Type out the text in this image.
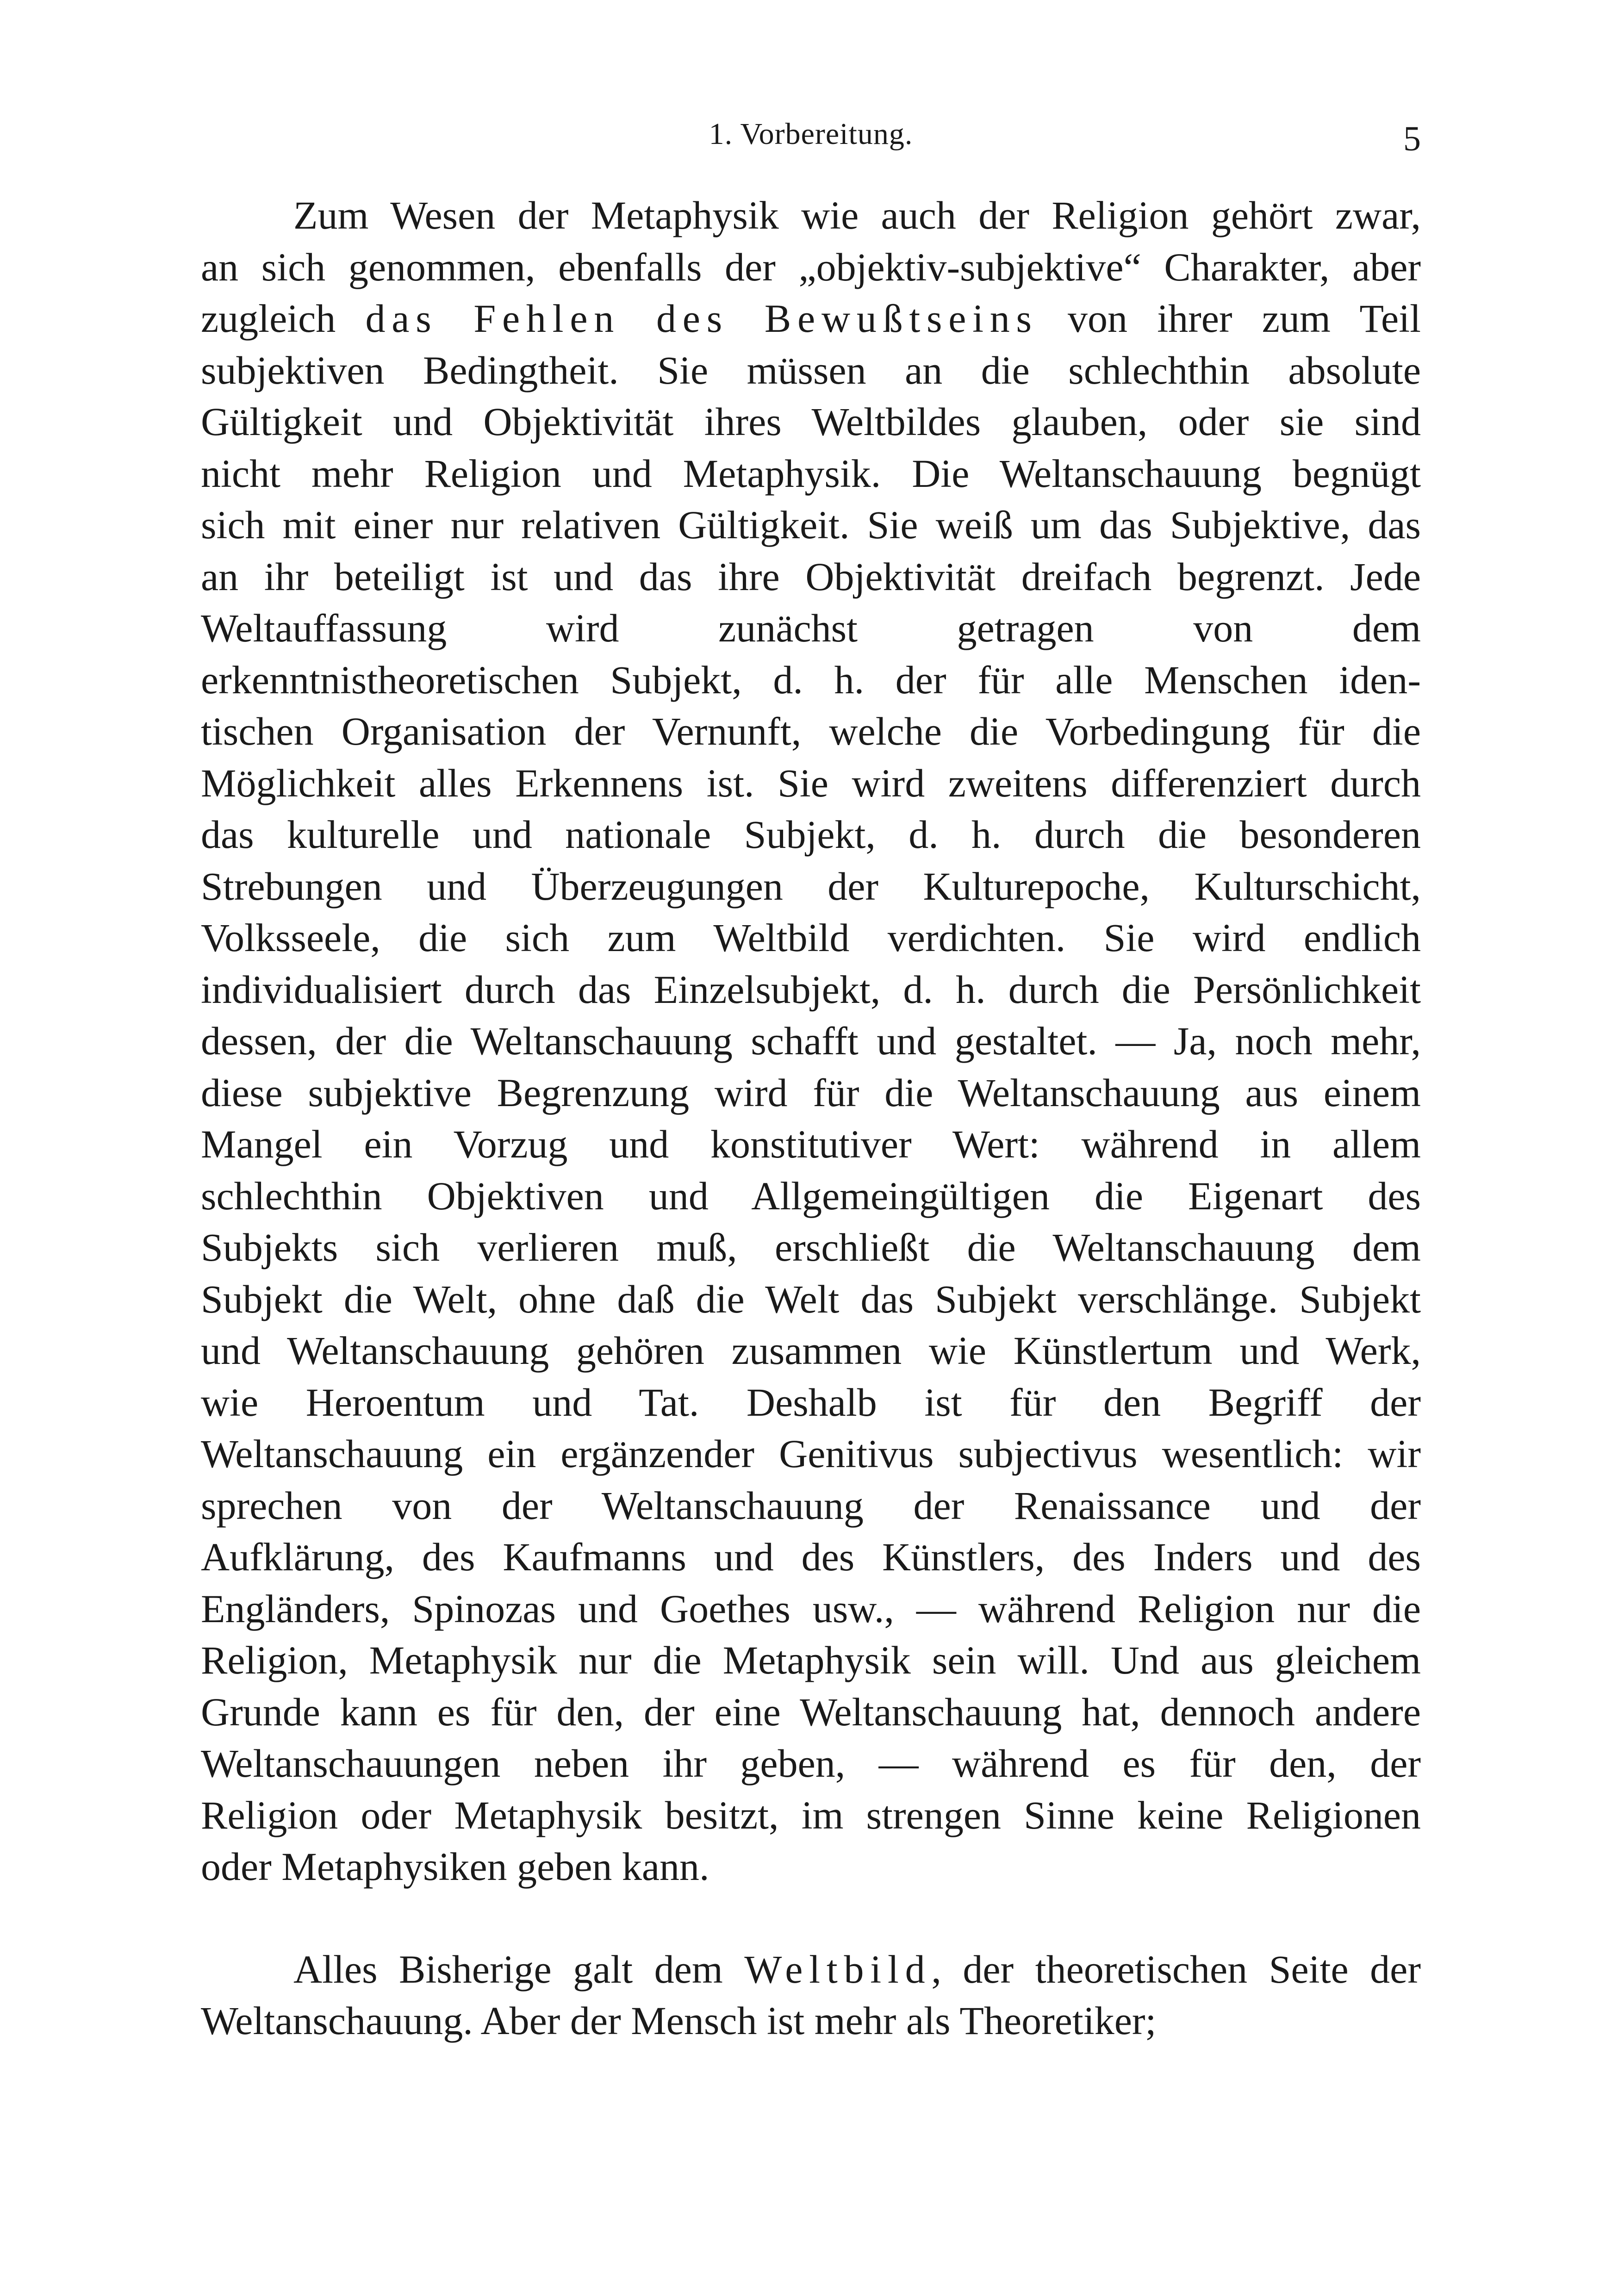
1. Vorbereitung.	5
Zum Wesen der Metaphysik wie auch der Religion gehört zwar,
an sich genommen, ebenfalls der „objektiv-subjektive“ Charakter, aber
zugleich das Fehlen des Bewußtseins von ihrer zum Teil
subjektiven Bedingtheit. Sie müssen an die schlechthin absolute
Gültigkeit und Objektivität ihres Weltbildes glauben, oder sie sind
nicht mehr Religion und Metaphysik. Die Weltanschauung begnügt
sich mit einer nur relativen Gültigkeit. Sie weiß um das Subjektive, das
an ihr beteiligt ist und das ihre Objektivität dreifach begrenzt. Jede
Weltauffassung wird zunächst getragen von dem
erkenntnistheoretischen Subjekt, d. h. der für alle Menschen iden-
tischen Organisation der Vernunft, welche die Vorbedingung für die
Möglichkeit alles Erkennens ist. Sie wird zweitens differenziert durch
das kulturelle und nationale Subjekt, d. h. durch die besonderen
Strebungen und Überzeugungen der Kulturepoche, Kulturschicht,
Volksseele, die sich zum Weltbild verdichten. Sie wird endlich
individualisiert durch das Einzelsubjekt, d. h. durch die Persönlichkeit
dessen, der die Weltanschauung schafft und gestaltet. — Ja, noch mehr,
diese subjektive Begrenzung wird für die Weltanschauung aus einem
Mangel ein Vorzug und konstitutiver Wert: während in allem
schlechthin Objektiven und Allgemeingültigen die Eigenart des
Subjekts sich verlieren muß, erschließt die Weltanschauung dem
Subjekt die Welt, ohne daß die Welt das Subjekt verschlänge. Subjekt
und Weltanschauung gehören zusammen wie Künstlertum und Werk,
wie Heroentum und Tat. Deshalb ist für den Begriff der
Weltanschauung ein ergänzender Genitivus subjectivus wesentlich: wir
sprechen von der Weltanschauung der Renaissance und der
Aufklärung, des Kaufmanns und des Künstlers, des Inders und des
Engländers, Spinozas und Goethes usw., — während Religion nur die
Religion, Metaphysik nur die Metaphysik sein will. Und aus gleichem
Grunde kann es für den, der eine Weltanschauung hat, dennoch andere
Weltanschauungen neben ihr geben, — während es für den, der
Religion oder Metaphysik besitzt, im strengen Sinne keine Religionen
oder Metaphysiken geben kann.
Alles Bisherige galt dem Weltbild, der theoretischen Seite der
Weltanschauung. Aber der Mensch ist mehr als Theoretiker;
